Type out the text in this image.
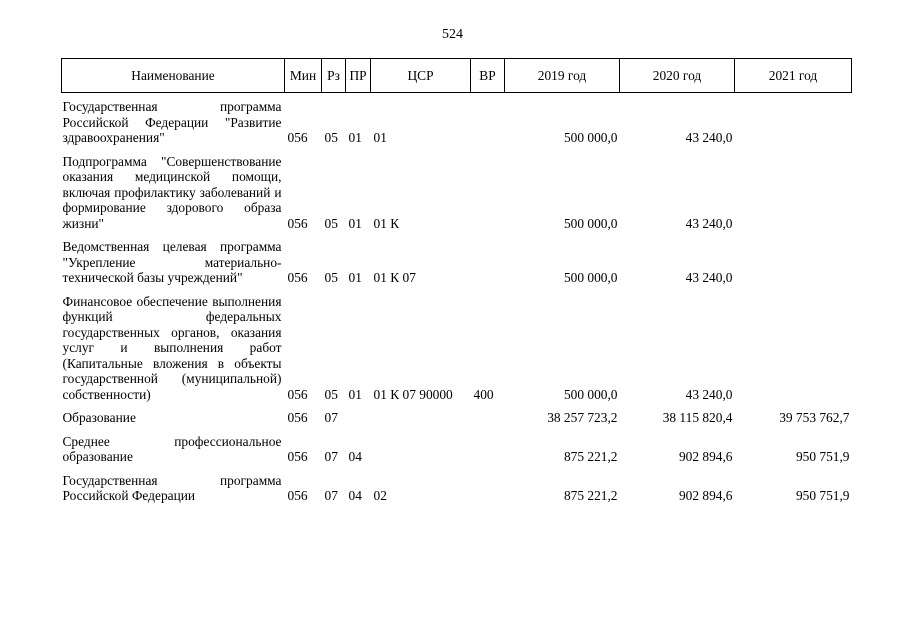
524
Наименование	Мин	Рз	ПР	ЦСР	ВР	2019 год	2020 год	2021 год
Государственная программа Российской Федерации "Развитие здравоохранения"	056	05	01	01		500 000,0	43 240,0	
Подпрограмма "Совершенствование оказания медицинской помощи, включая профилактику заболеваний и формирование здорового образа жизни"	056	05	01	01 К		500 000,0	43 240,0	
Ведомственная целевая программа "Укрепление материально-технической базы учреждений"	056	05	01	01 К 07		500 000,0	43 240,0	
Финансовое обеспечение выполнения функций федеральных государственных органов, оказания услуг и выполнения работ (Капитальные вложения в объекты государственной (муниципальной) собственности)	056	05	01	01 К 07 90000	400	500 000,0	43 240,0	
Образование	056	07				38 257 723,2	38 115 820,4	39 753 762,7
Среднее профессиональное образование	056	07	04			875 221,2	902 894,6	950 751,9
Государственная программа Российской Федерации	056	07	04	02		875 221,2	902 894,6	950 751,9
